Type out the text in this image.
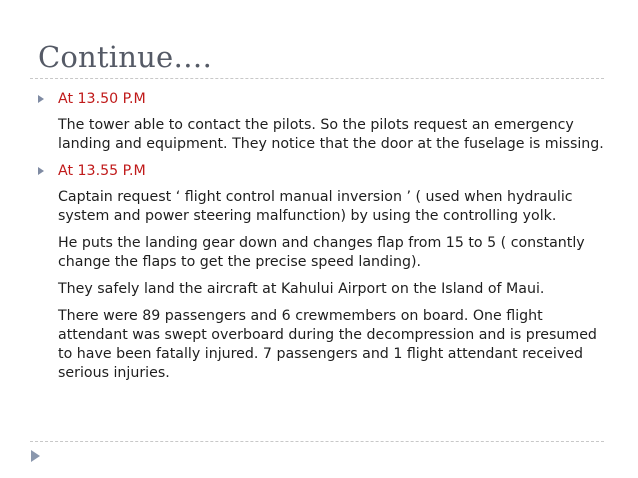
Continue….
At 13.50 P.M
The tower able to contact the pilots. So the pilots request an emergency landing and equipment. They notice that the door at the fuselage is missing.
At 13.55 P.M
Captain request ‘ flight control manual inversion ’ ( used when hydraulic system and power steering malfunction) by using the controlling yolk.
He puts the landing gear down and changes flap from 15 to 5 ( constantly change the flaps to get the precise speed landing).
They safely land the aircraft at Kahului Airport on the Island of Maui.
There were 89 passengers and 6 crewmembers on board. One flight attendant was swept overboard during the decompression and is presumed to have been fatally injured. 7 passengers and 1 flight attendant received serious injuries.
